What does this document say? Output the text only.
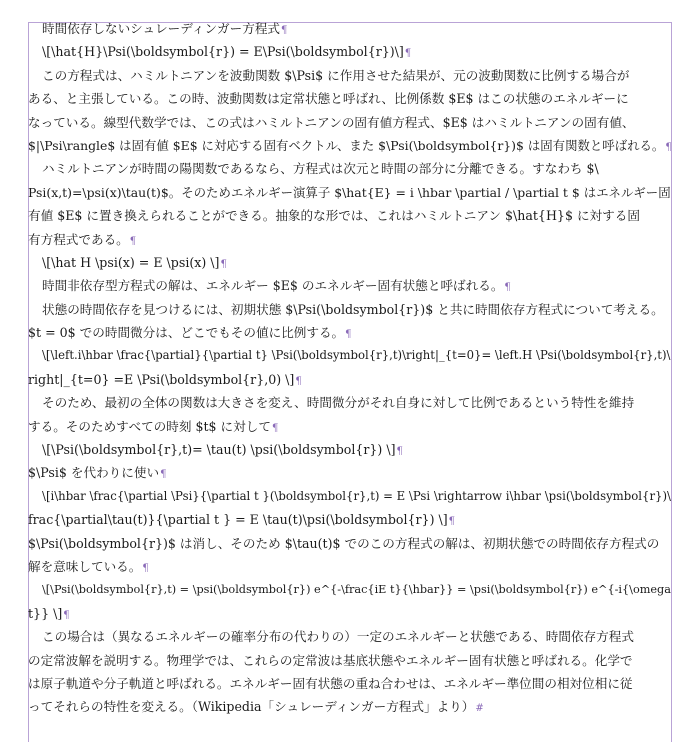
時間依存しないシュレーディンガー方程式¶
\[\hat{H}\Psi(\boldsymbol{r}) = E\Psi(\boldsymbol{r})\]¶
この方程式は、ハミルトニアンを波動関数 $\Psi$ に作用させた結果が、元の波動関数に比例する場合が
ある、と主張している。この時、波動関数は定常状態と呼ばれ、比例係数 $E$ はこの状態のエネルギーに
なっている。線型代数学では、この式はハミルトニアンの固有値方程式、$E$ はハミルトニアンの固有値、
$|\Psi\rangle$ は固有値 $E$ に対応する固有ベクトル、また $\Psi(\boldsymbol{r})$ は固有関数と呼ばれる。¶
ハミルトニアンが時間の陽関数であるなら、方程式は次元と時間の部分に分離できる。すなわち $\
Psi(x,t)=\psi(x)\tau(t)$。そのためエネルギー演算子 $\hat{E} = i \hbar \partial / \partial t $ はエネルギー固
有値 $E$ に置き換えられることができる。抽象的な形では、これはハミルトニアン $\hat{H}$ に対する固
有方程式である。¶
\[\hat H \psi(x) = E \psi(x) \]¶
時間非依存型方程式の解は、エネルギー $E$ のエネルギー固有状態と呼ばれる。¶
状態の時間依存を見つけるには、初期状態 $\Psi(\boldsymbol{r})$ と共に時間依存方程式について考える。
$t = 0$ での時間微分は、どこでもその値に比例する。¶
\[\left.i\hbar \frac{\partial}{\partial t} \Psi(\boldsymbol{r},t)\right|_{t=0}= \left.H \Psi(\boldsymbol{r},t)\
right|_{t=0} =E \Psi(\boldsymbol{r},0) \]¶
そのため、最初の全体の関数は大きさを変え、時間微分がそれ自身に対して比例であるという特性を維持
する。そのためすべての時刻 $t$ に対して¶
\[\Psi(\boldsymbol{r},t)= \tau(t) \psi(\boldsymbol{r}) \]¶
$\Psi$ を代わりに使い¶
\[i\hbar \frac{\partial \Psi}{\partial t }(\boldsymbol{r},t) = E \Psi \rightarrow i\hbar \psi(\boldsymbol{r})\
frac{\partial\tau(t)}{\partial t } = E \tau(t)\psi(\boldsymbol{r}) \]¶
$\Psi(\boldsymbol{r})$ は消し、そのため $\tau(t)$ でのこの方程式の解は、初期状態での時間依存方程式の
解を意味している。¶
\[\Psi(\boldsymbol{r},t) = \psi(\boldsymbol{r}) e^{-\frac{iE t}{\hbar}} = \psi(\boldsymbol{r}) e^{-i{\omega
t}} \]¶
この場合は（異なるエネルギーの確率分布の代わりの）一定のエネルギーと状態である、時間依存方程式
の定常波解を説明する。物理学では、これらの定常波は基底状態やエネルギー固有状態と呼ばれる。化学で
は原子軌道や分子軌道と呼ばれる。エネルギー固有状態の重ね合わせは、エネルギー準位間の相対位相に従
ってそれらの特性を変える。（Wikipedia「シュレーディンガー方程式」より）#
